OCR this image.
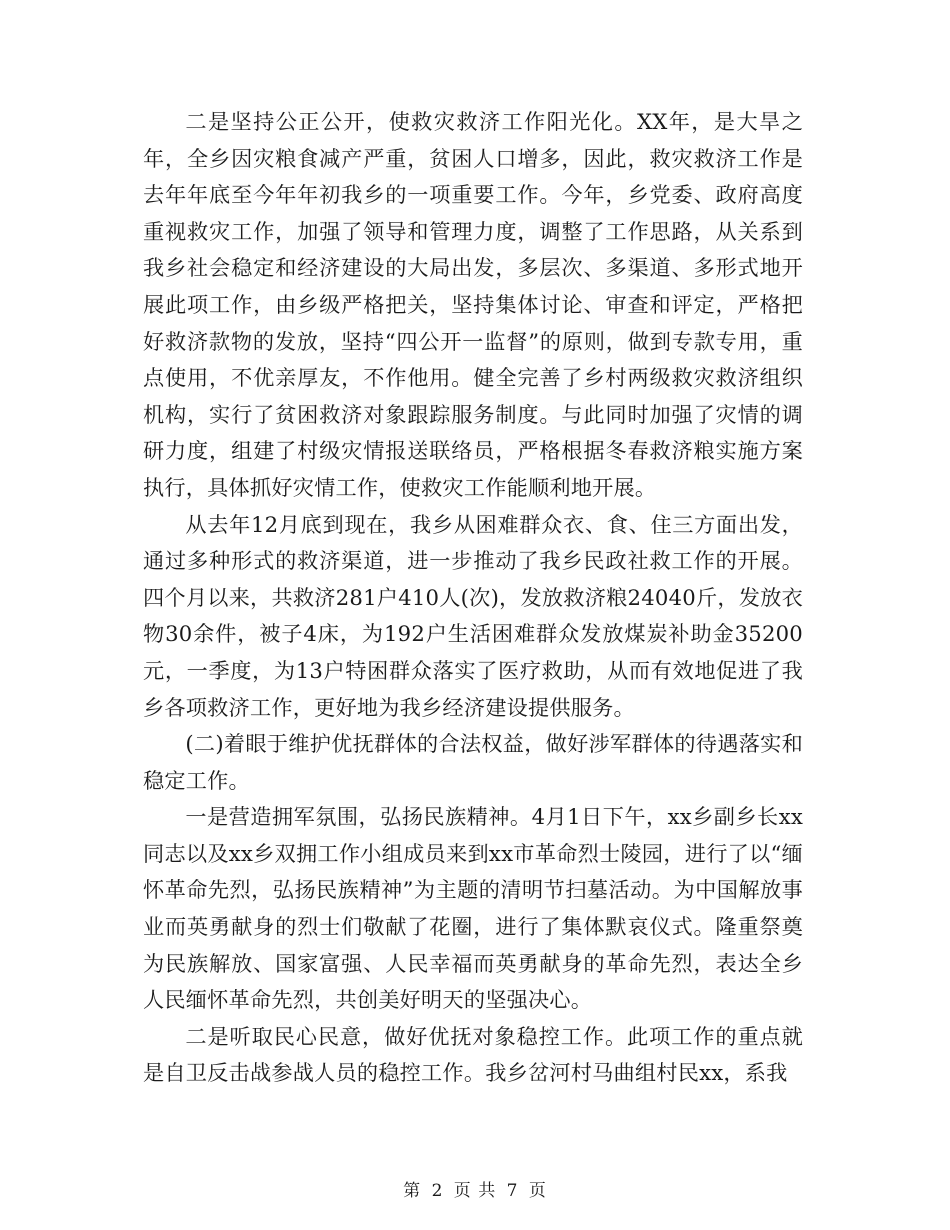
二是坚持公正公开，使救灾救济工作阳光化。XX年，是大旱之年，全乡因灾粮食减产严重，贫困人口增多，因此，救灾救济工作是去年年底至今年年初我乡的一项重要工作。今年，乡党委、政府高度重视救灾工作，加强了领导和管理力度，调整了工作思路，从关系到我乡社会稳定和经济建设的大局出发，多层次、多渠道、多形式地开展此项工作，由乡级严格把关，坚持集体讨论、审查和评定，严格把好救济款物的发放，坚持“四公开一监督”的原则，做到专款专用，重点使用，不优亲厚友，不作他用。健全完善了乡村两级救灾救济组织机构，实行了贫困救济对象跟踪服务制度。与此同时加强了灾情的调研力度，组建了村级灾情报送联络员，严格根据冬春救济粮实施方案执行，具体抓好灾情工作，使救灾工作能顺利地开展。

从去年12月底到现在，我乡从困难群众衣、食、住三方面出发，通过多种形式的救济渠道，进一步推动了我乡民政社救工作的开展。四个月以来，共救济281户410人(次)，发放救济粮24040斤，发放衣物30余件，被子4床，为192户生活困难群众发放煤炭补助金35200元，一季度，为13户特困群众落实了医疗救助，从而有效地促进了我乡各项救济工作，更好地为我乡经济建设提供服务。

(二)着眼于维护优抚群体的合法权益，做好涉军群体的待遇落实和稳定工作。

一是营造拥军氛围，弘扬民族精神。4月1日下午，xx乡副乡长xx同志以及xx乡双拥工作小组成员来到xx市革命烈士陵园，进行了以“缅怀革命先烈，弘扬民族精神”为主题的清明节扫墓活动。为中国解放事业而英勇献身的烈士们敬献了花圈，进行了集体默哀仪式。隆重祭奠为民族解放、国家富强、人民幸福而英勇献身的革命先烈，表达全乡人民缅怀革命先烈，共创美好明天的坚强决心。

二是听取民心民意，做好优抚对象稳控工作。此项工作的重点就是自卫反击战参战人员的稳控工作。我乡岔河村马曲组村民xx，系我

第 2 页 共 7 页
